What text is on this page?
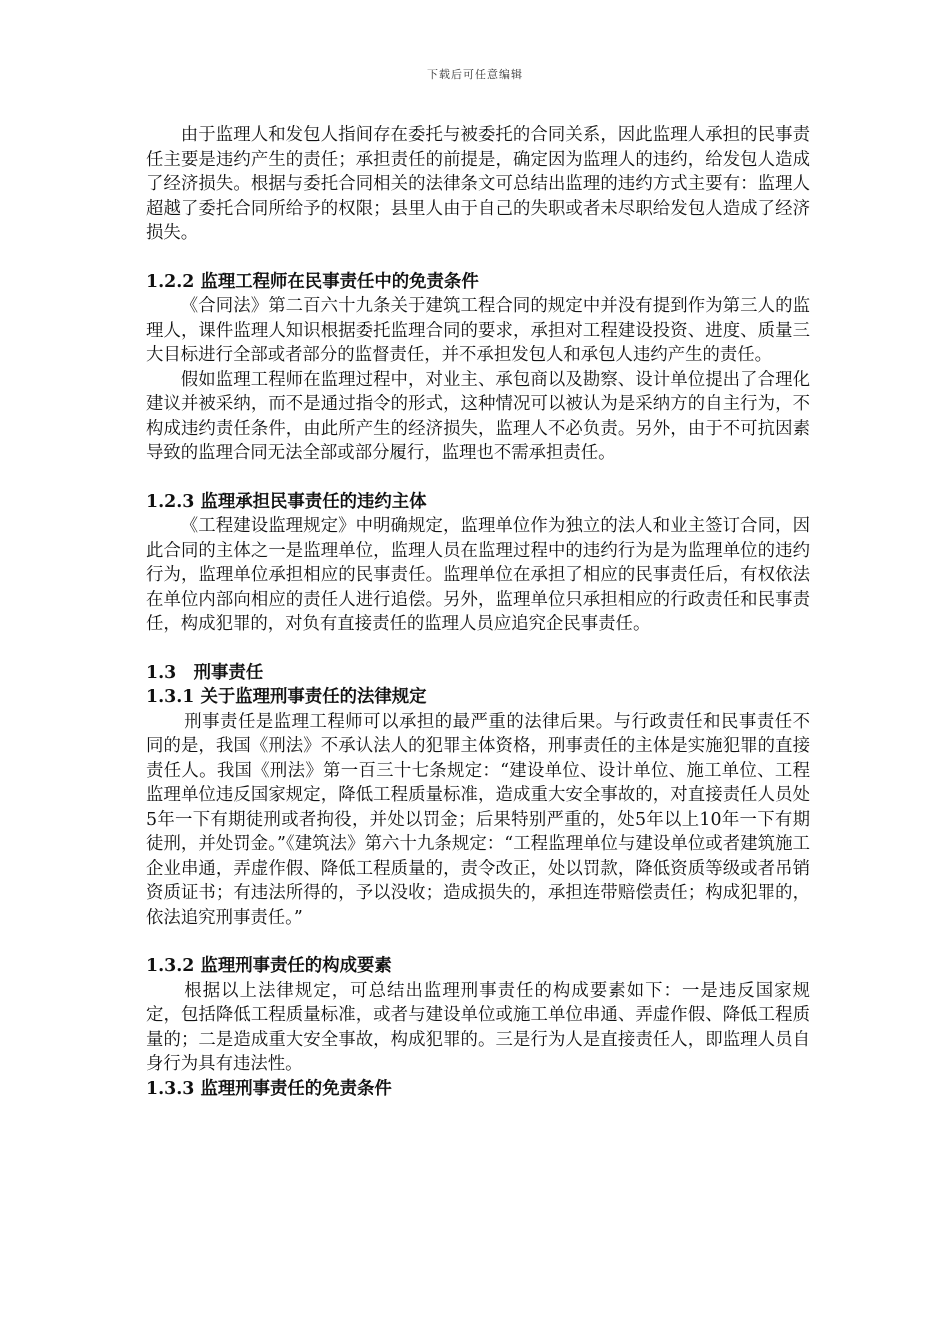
下载后可任意编辑

由于监理人和发包人指间存在委托与被委托的合同关系，因此监理人承担的民事责任主要是违约产生的责任；承担责任的前提是，确定因为监理人的违约，给发包人造成了经济损失。根据与委托合同相关的法律条文可总结出监理的违约方式主要有：监理人超越了委托合同所给予的权限；县里人由于自己的失职或者未尽职给发包人造成了经济损失。

1.2.2 监理工程师在民事责任中的免责条件

《合同法》第二百六十九条关于建筑工程合同的规定中并没有提到作为第三人的监理人，课件监理人知识根据委托监理合同的要求，承担对工程建设投资、进度、质量三大目标进行全部或者部分的监督责任，并不承担发包人和承包人违约产生的责任。

假如监理工程师在监理过程中，对业主、承包商以及勘察、设计单位提出了合理化建议并被采纳，而不是通过指令的形式，这种情况可以被认为是采纳方的自主行为，不构成违约责任条件，由此所产生的经济损失，监理人不必负责。另外，由于不可抗因素导致的监理合同无法全部或部分履行，监理也不需承担责任。

1.2.3 监理承担民事责任的违约主体

《工程建设监理规定》中明确规定，监理单位作为独立的法人和业主签订合同，因此合同的主体之一是监理单位，监理人员在监理过程中的违约行为是为监理单位的违约行为，监理单位承担相应的民事责任。监理单位在承担了相应的民事责任后，有权依法在单位内部向相应的责任人进行追偿。另外，监理单位只承担相应的行政责任和民事责任，构成犯罪的，对负有直接责任的监理人员应追究企民事责任。

1.3　刑事责任

1.3.1 关于监理刑事责任的法律规定

刑事责任是监理工程师可以承担的最严重的法律后果。与行政责任和民事责任不同的是，我国《刑法》不承认法人的犯罪主体资格，刑事责任的主体是实施犯罪的直接责任人。我国《刑法》第一百三十七条规定：“建设单位、设计单位、施工单位、工程监理单位违反国家规定，降低工程质量标准，造成重大安全事故的，对直接责任人员处5年一下有期徒刑或者拘役，并处以罚金；后果特别严重的，处5年以上10年一下有期徒刑，并处罚金。”《建筑法》第六十九条规定：“工程监理单位与建设单位或者建筑施工企业串通，弄虚作假、降低工程质量的，责令改正，处以罚款，降低资质等级或者吊销资质证书；有违法所得的，予以没收；造成损失的，承担连带赔偿责任；构成犯罪的，依法追究刑事责任。”

1.3.2 监理刑事责任的构成要素

根据以上法律规定，可总结出监理刑事责任的构成要素如下：一是违反国家规定，包括降低工程质量标准，或者与建设单位或施工单位串通、弄虚作假、降低工程质量的；二是造成重大安全事故，构成犯罪的。三是行为人是直接责任人，即监理人员自身行为具有违法性。

1.3.3 监理刑事责任的免责条件
